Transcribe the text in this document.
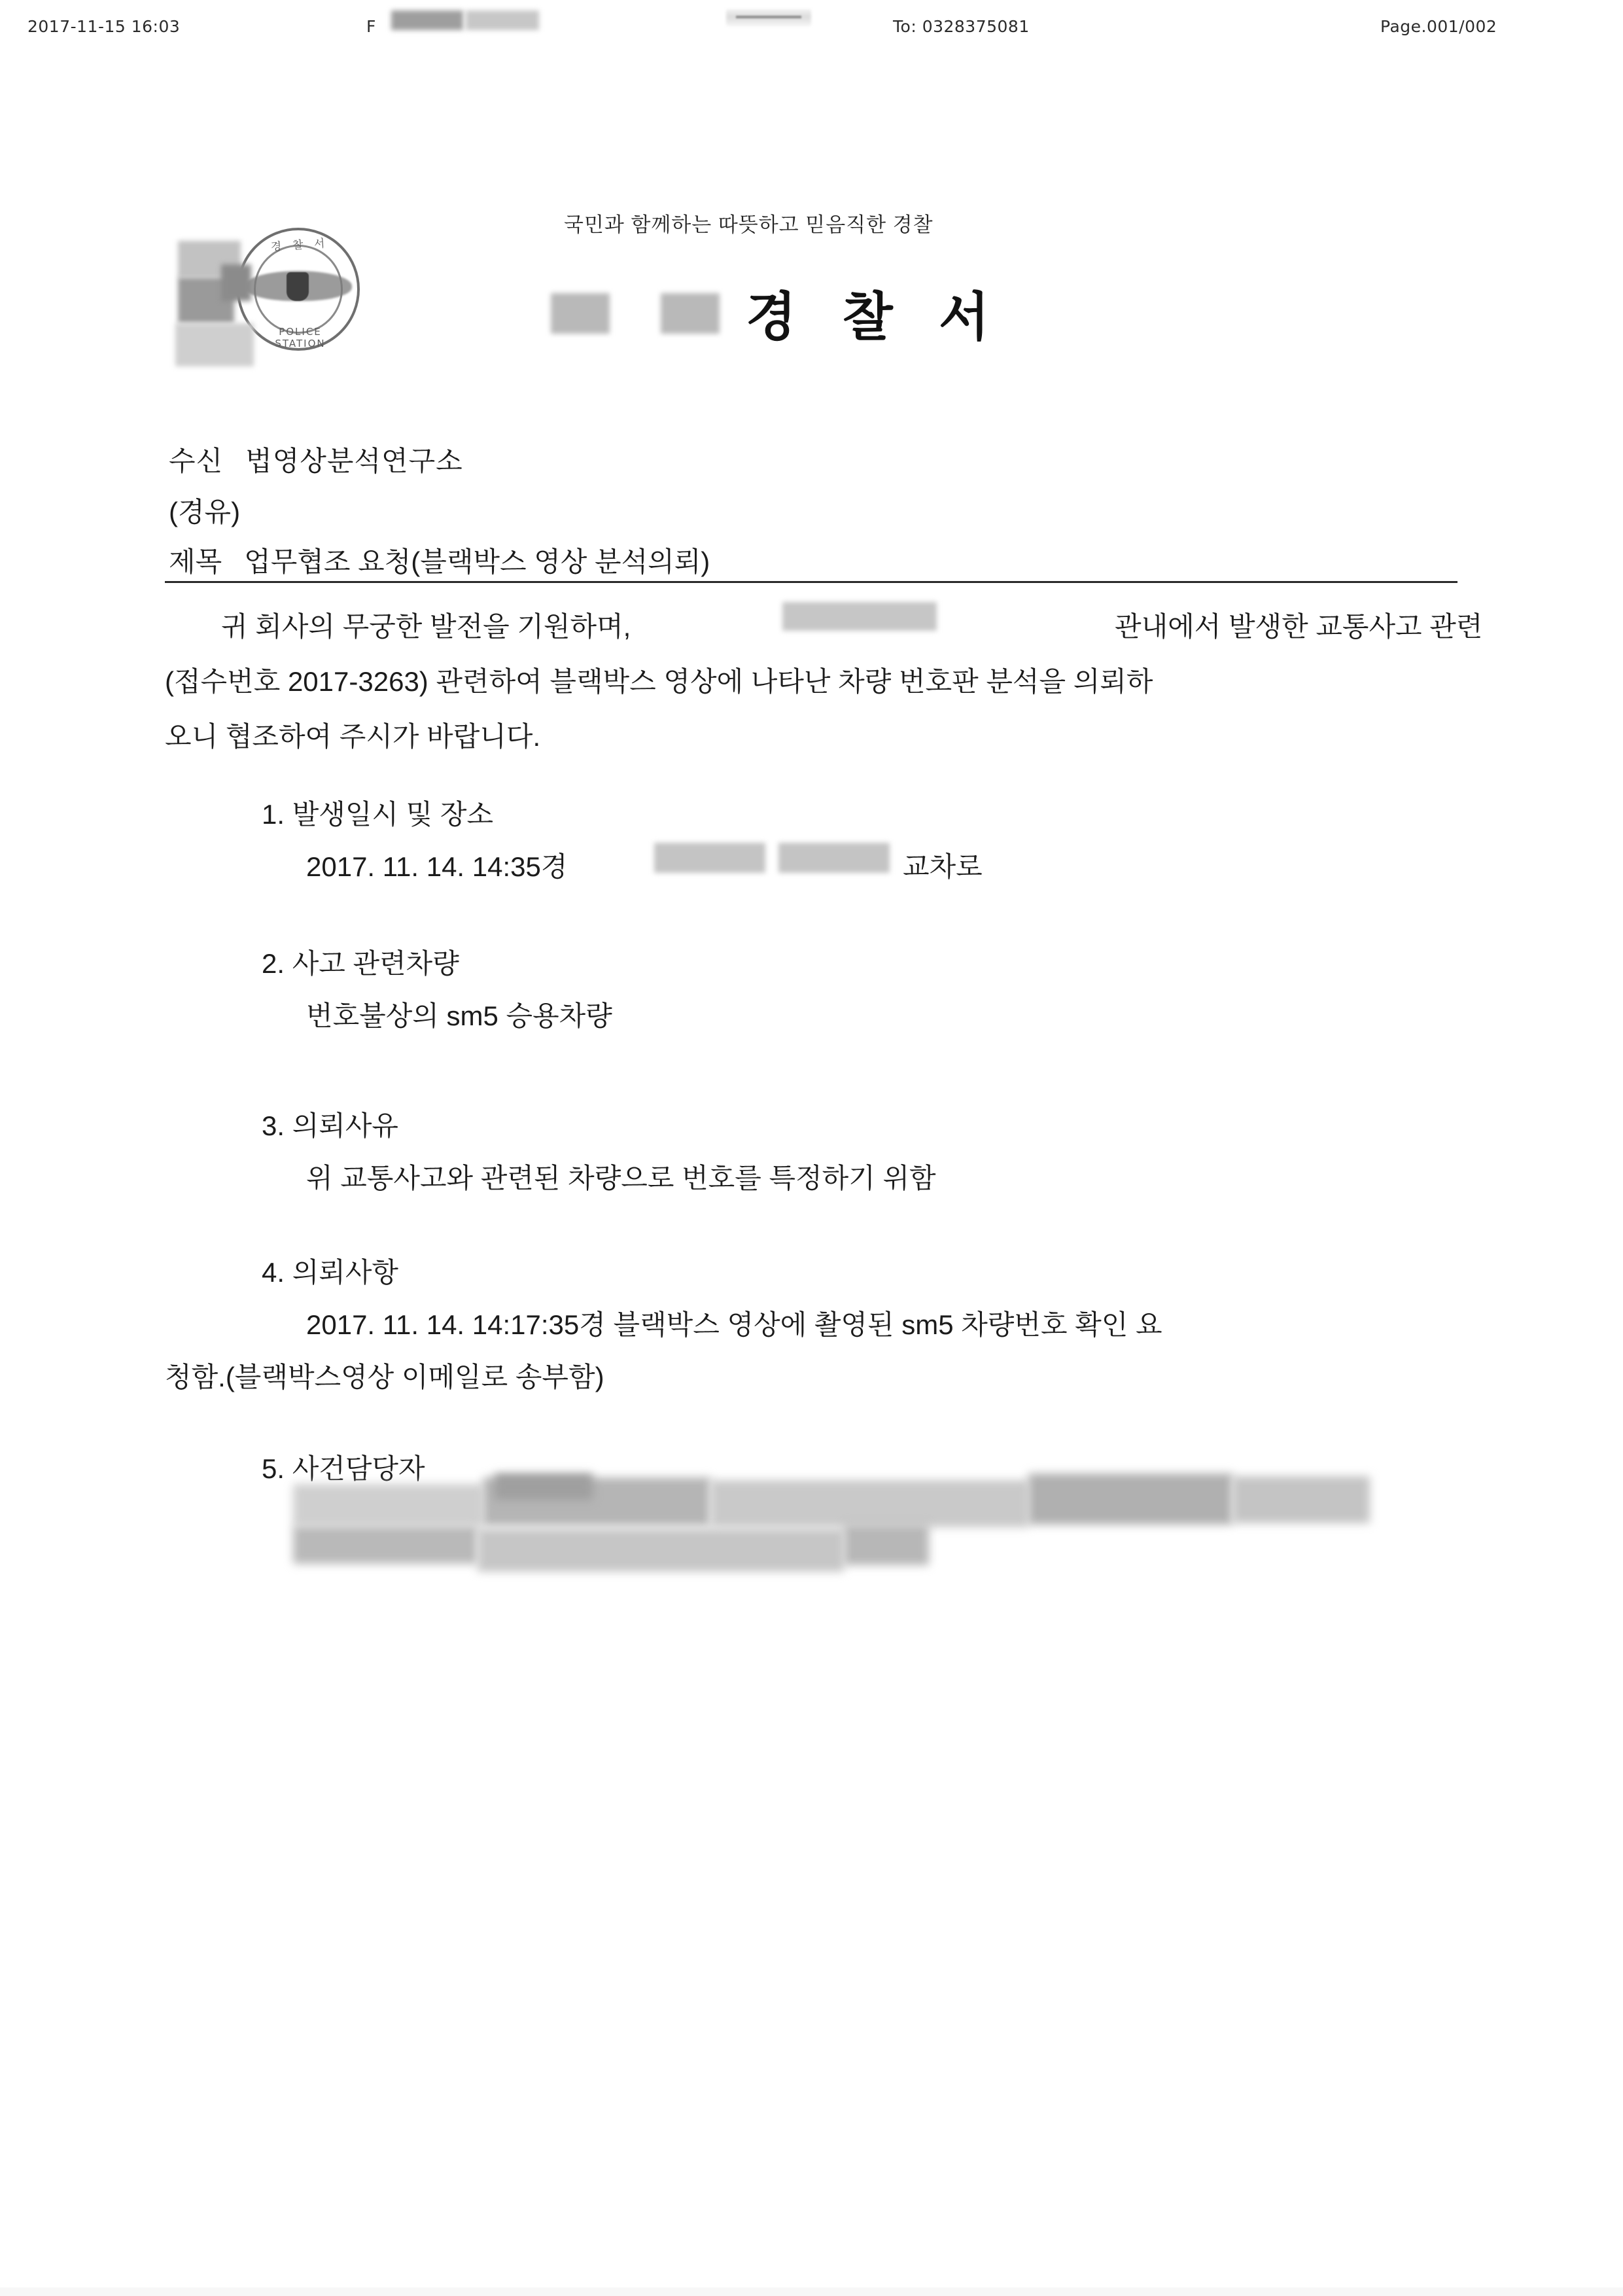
2017-11-15 16:03	F	To: 0328375081	Page.001/002
국민과 함께하는 따뜻하고 믿음직한 경찰
경 찰 서
POLICE STATION	경 찰 서
수신 법영상분석연구소
(경유)
제목 업무협조 요청(블랙박스 영상 분석의뢰)
귀 회사의 무궁한 발전을 기원하며,	관내에서 발생한 교통사고 관련
(접수번호 2017-3263) 관련하여 블랙박스 영상에 나타난 차량 번호판 분석을 의뢰하
오니 협조하여 주시가 바랍니다.
1. 발생일시 및 장소
2017. 11. 14. 14:35경	교차로
2. 사고 관련차량
번호불상의 sm5 승용차량
3. 의뢰사유
위 교통사고와 관련된 차량으로 번호를 특정하기 위함
4. 의뢰사항
2017. 11. 14. 14:17:35경 블랙박스 영상에 촬영된 sm5 차량번호 확인 요
청함.(블랙박스영상 이메일로 송부함)
5. 사건담당자
